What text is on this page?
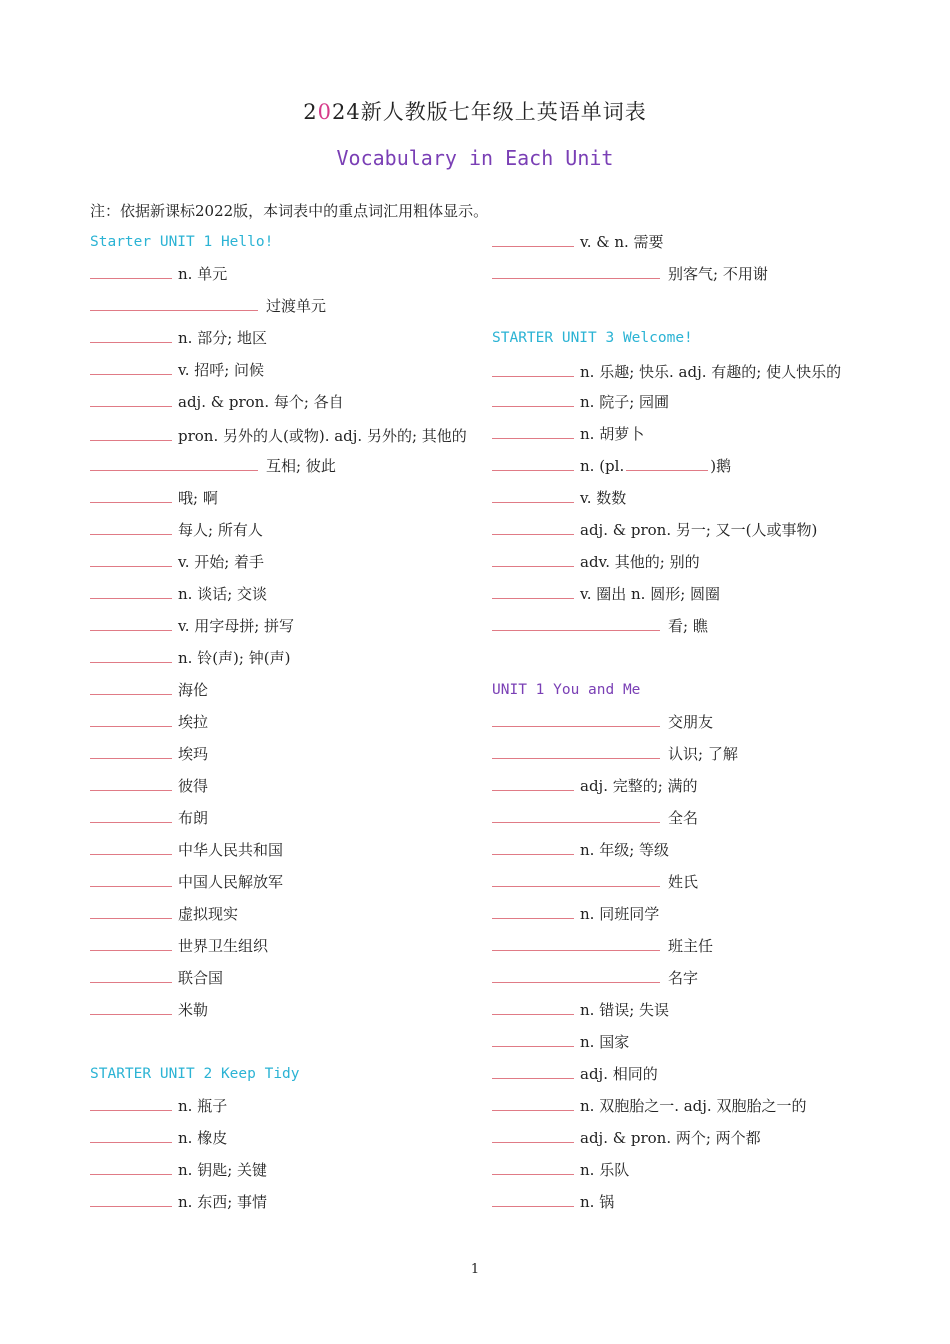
2024新人教版七年级上英语单词表
Vocabulary in Each Unit
注：依据新课标2022版，本词表中的重点词汇用粗体显示。
Starter UNIT 1 Hello!
n. 单元
过渡单元
n. 部分; 地区
v. 招呼; 问候
adj. & pron. 每个; 各自
pron. 另外的人(或物). adj. 另外的; 其他的
互相; 彼此
哦; 啊
每人; 所有人
v. 开始; 着手
n. 谈话; 交谈
v. 用字母拼; 拼写
n. 铃(声); 钟(声)
海伦
埃拉
埃玛
彼得
布朗
中华人民共和国
中国人民解放军
虚拟现实
世界卫生组织
联合国
米勒
STARTER UNIT 2 Keep Tidy
n. 瓶子
n. 橡皮
n. 钥匙; 关键
n. 东西; 事情
v. & n. 需要
别客气; 不用谢
STARTER UNIT 3 Welcome!
n. 乐趣; 快乐. adj. 有趣的; 使人快乐的
n. 院子; 园圃
n. 胡萝卜
n. (pl.	)鹅
v. 数数
adj. & pron. 另一; 又一(人或事物)
adv. 其他的; 别的
v. 圈出 n. 圆形; 圆圈
看; 瞧
UNIT 1 You and Me
交朋友
认识; 了解
adj. 完整的; 满的
全名
n. 年级; 等级
姓氏
n. 同班同学
班主任
名字
n. 错误; 失误
n. 国家
adj. 相同的
n. 双胞胎之一. adj. 双胞胎之一的
adj. & pron. 两个; 两个都
n. 乐队
n. 锅
1
